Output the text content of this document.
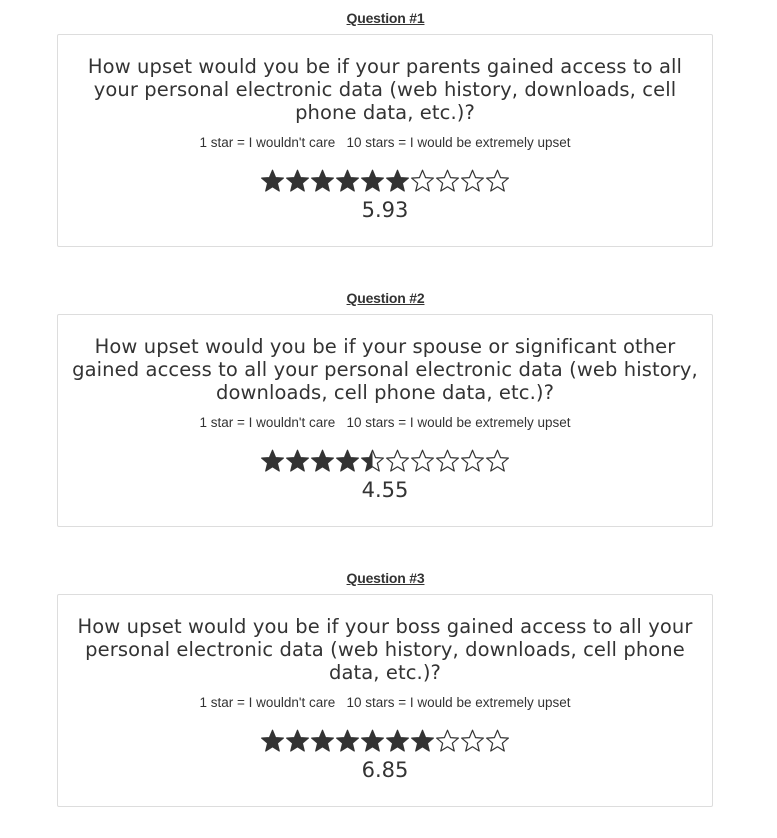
Question #1
How upset would you be if your parents gained access to all your personal electronic data (web history, downloads, cell phone data, etc.)?
1 star = I wouldn't care   10 stars = I would be extremely upset
5.93
Question #2
How upset would you be if your spouse or significant other gained access to all your personal electronic data (web history, downloads, cell phone data, etc.)?
1 star = I wouldn't care   10 stars = I would be extremely upset
4.55
Question #3
How upset would you be if your boss gained access to all your personal electronic data (web history, downloads, cell phone data, etc.)?
1 star = I wouldn't care   10 stars = I would be extremely upset
6.85
